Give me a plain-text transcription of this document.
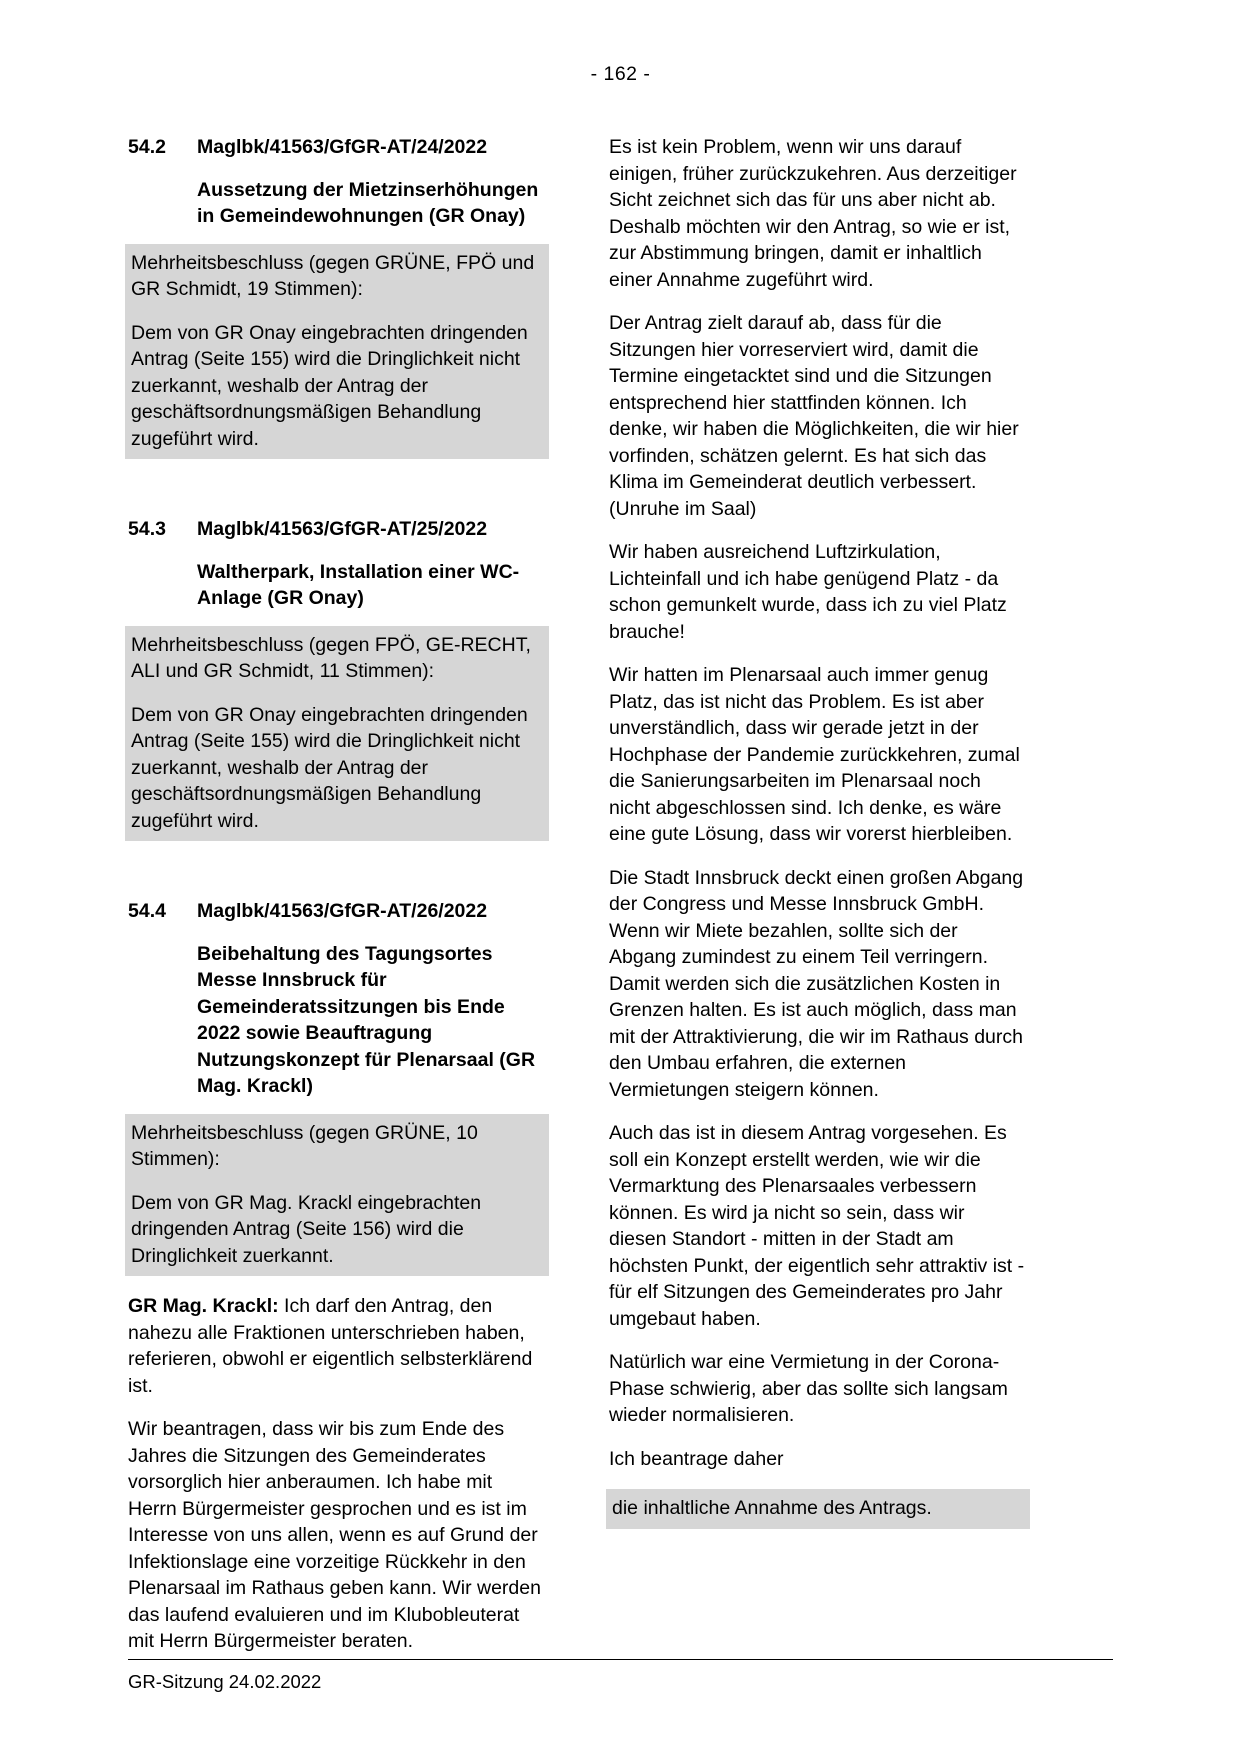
- 162 -
54.2	Maglbk/41563/GfGR-AT/24/2022
Aussetzung der Mietzinserhöhungen in Gemeindewohnungen (GR Onay)

Mehrheitsbeschluss (gegen GRÜNE, FPÖ und GR Schmidt, 19 Stimmen):

Dem von GR Onay eingebrachten dringenden Antrag (Seite 155) wird die Dringlichkeit nicht zuerkannt, weshalb der Antrag der geschäftsordnungsmäßigen Behandlung zugeführt wird.

54.3	Maglbk/41563/GfGR-AT/25/2022
Waltherpark, Installation einer WC-Anlage (GR Onay)

Mehrheitsbeschluss (gegen FPÖ, GE-RECHT, ALI und GR Schmidt, 11 Stimmen):

Dem von GR Onay eingebrachten dringenden Antrag (Seite 155) wird die Dringlichkeit nicht zuerkannt, weshalb der Antrag der geschäftsordnungsmäßigen Behandlung zugeführt wird.

54.4	Maglbk/41563/GfGR-AT/26/2022
Beibehaltung des Tagungsortes Messe Innsbruck für Gemeinderatssitzungen bis Ende 2022 sowie Beauftragung Nutzungskonzept für Plenarsaal (GR Mag. Krackl)

Mehrheitsbeschluss (gegen GRÜNE, 10 Stimmen):

Dem von GR Mag. Krackl eingebrachten dringenden Antrag (Seite 156) wird die Dringlichkeit zuerkannt.

GR Mag. Krackl: Ich darf den Antrag, den nahezu alle Fraktionen unterschrieben haben, referieren, obwohl er eigentlich selbsterklärend ist.

Wir beantragen, dass wir bis zum Ende des Jahres die Sitzungen des Gemeinderates vorsorglich hier anberaumen. Ich habe mit Herrn Bürgermeister gesprochen und es ist im Interesse von uns allen, wenn es auf Grund der Infektionslage eine vorzeitige Rückkehr in den Plenarsaal im Rathaus geben kann. Wir werden das laufend evaluieren und im Klubobleuterat mit Herrn Bürgermeister beraten.

Es ist kein Problem, wenn wir uns darauf einigen, früher zurückzukehren. Aus derzeitiger Sicht zeichnet sich das für uns aber nicht ab. Deshalb möchten wir den Antrag, so wie er ist, zur Abstimmung bringen, damit er inhaltlich einer Annahme zugeführt wird.

Der Antrag zielt darauf ab, dass für die Sitzungen hier vorreserviert wird, damit die Termine eingetacktet sind und die Sitzungen entsprechend hier stattfinden können. Ich denke, wir haben die Möglichkeiten, die wir hier vorfinden, schätzen gelernt. Es hat sich das Klima im Gemeinderat deutlich verbessert. (Unruhe im Saal)

Wir haben ausreichend Luftzirkulation, Lichteinfall und ich habe genügend Platz - da schon gemunkelt wurde, dass ich zu viel Platz brauche!

Wir hatten im Plenarsaal auch immer genug Platz, das ist nicht das Problem. Es ist aber unverständlich, dass wir gerade jetzt in der Hochphase der Pandemie zurückkehren, zumal die Sanierungsarbeiten im Plenarsaal noch nicht abgeschlossen sind. Ich denke, es wäre eine gute Lösung, dass wir vorerst hierbleiben.

Die Stadt Innsbruck deckt einen großen Abgang der Congress und Messe Innsbruck GmbH. Wenn wir Miete bezahlen, sollte sich der Abgang zumindest zu einem Teil verringern. Damit werden sich die zusätzlichen Kosten in Grenzen halten. Es ist auch möglich, dass man mit der Attraktivierung, die wir im Rathaus durch den Umbau erfahren, die externen Vermietungen steigern können.

Auch das ist in diesem Antrag vorgesehen. Es soll ein Konzept erstellt werden, wie wir die Vermarktung des Plenarsaales verbessern können. Es wird ja nicht so sein, dass wir diesen Standort - mitten in der Stadt am höchsten Punkt, der eigentlich sehr attraktiv ist - für elf Sitzungen des Gemeinderates pro Jahr umgebaut haben.

Natürlich war eine Vermietung in der Corona-Phase schwierig, aber das sollte sich langsam wieder normalisieren.

Ich beantrage daher

die inhaltliche Annahme des Antrags.

GR-Sitzung 24.02.2022
